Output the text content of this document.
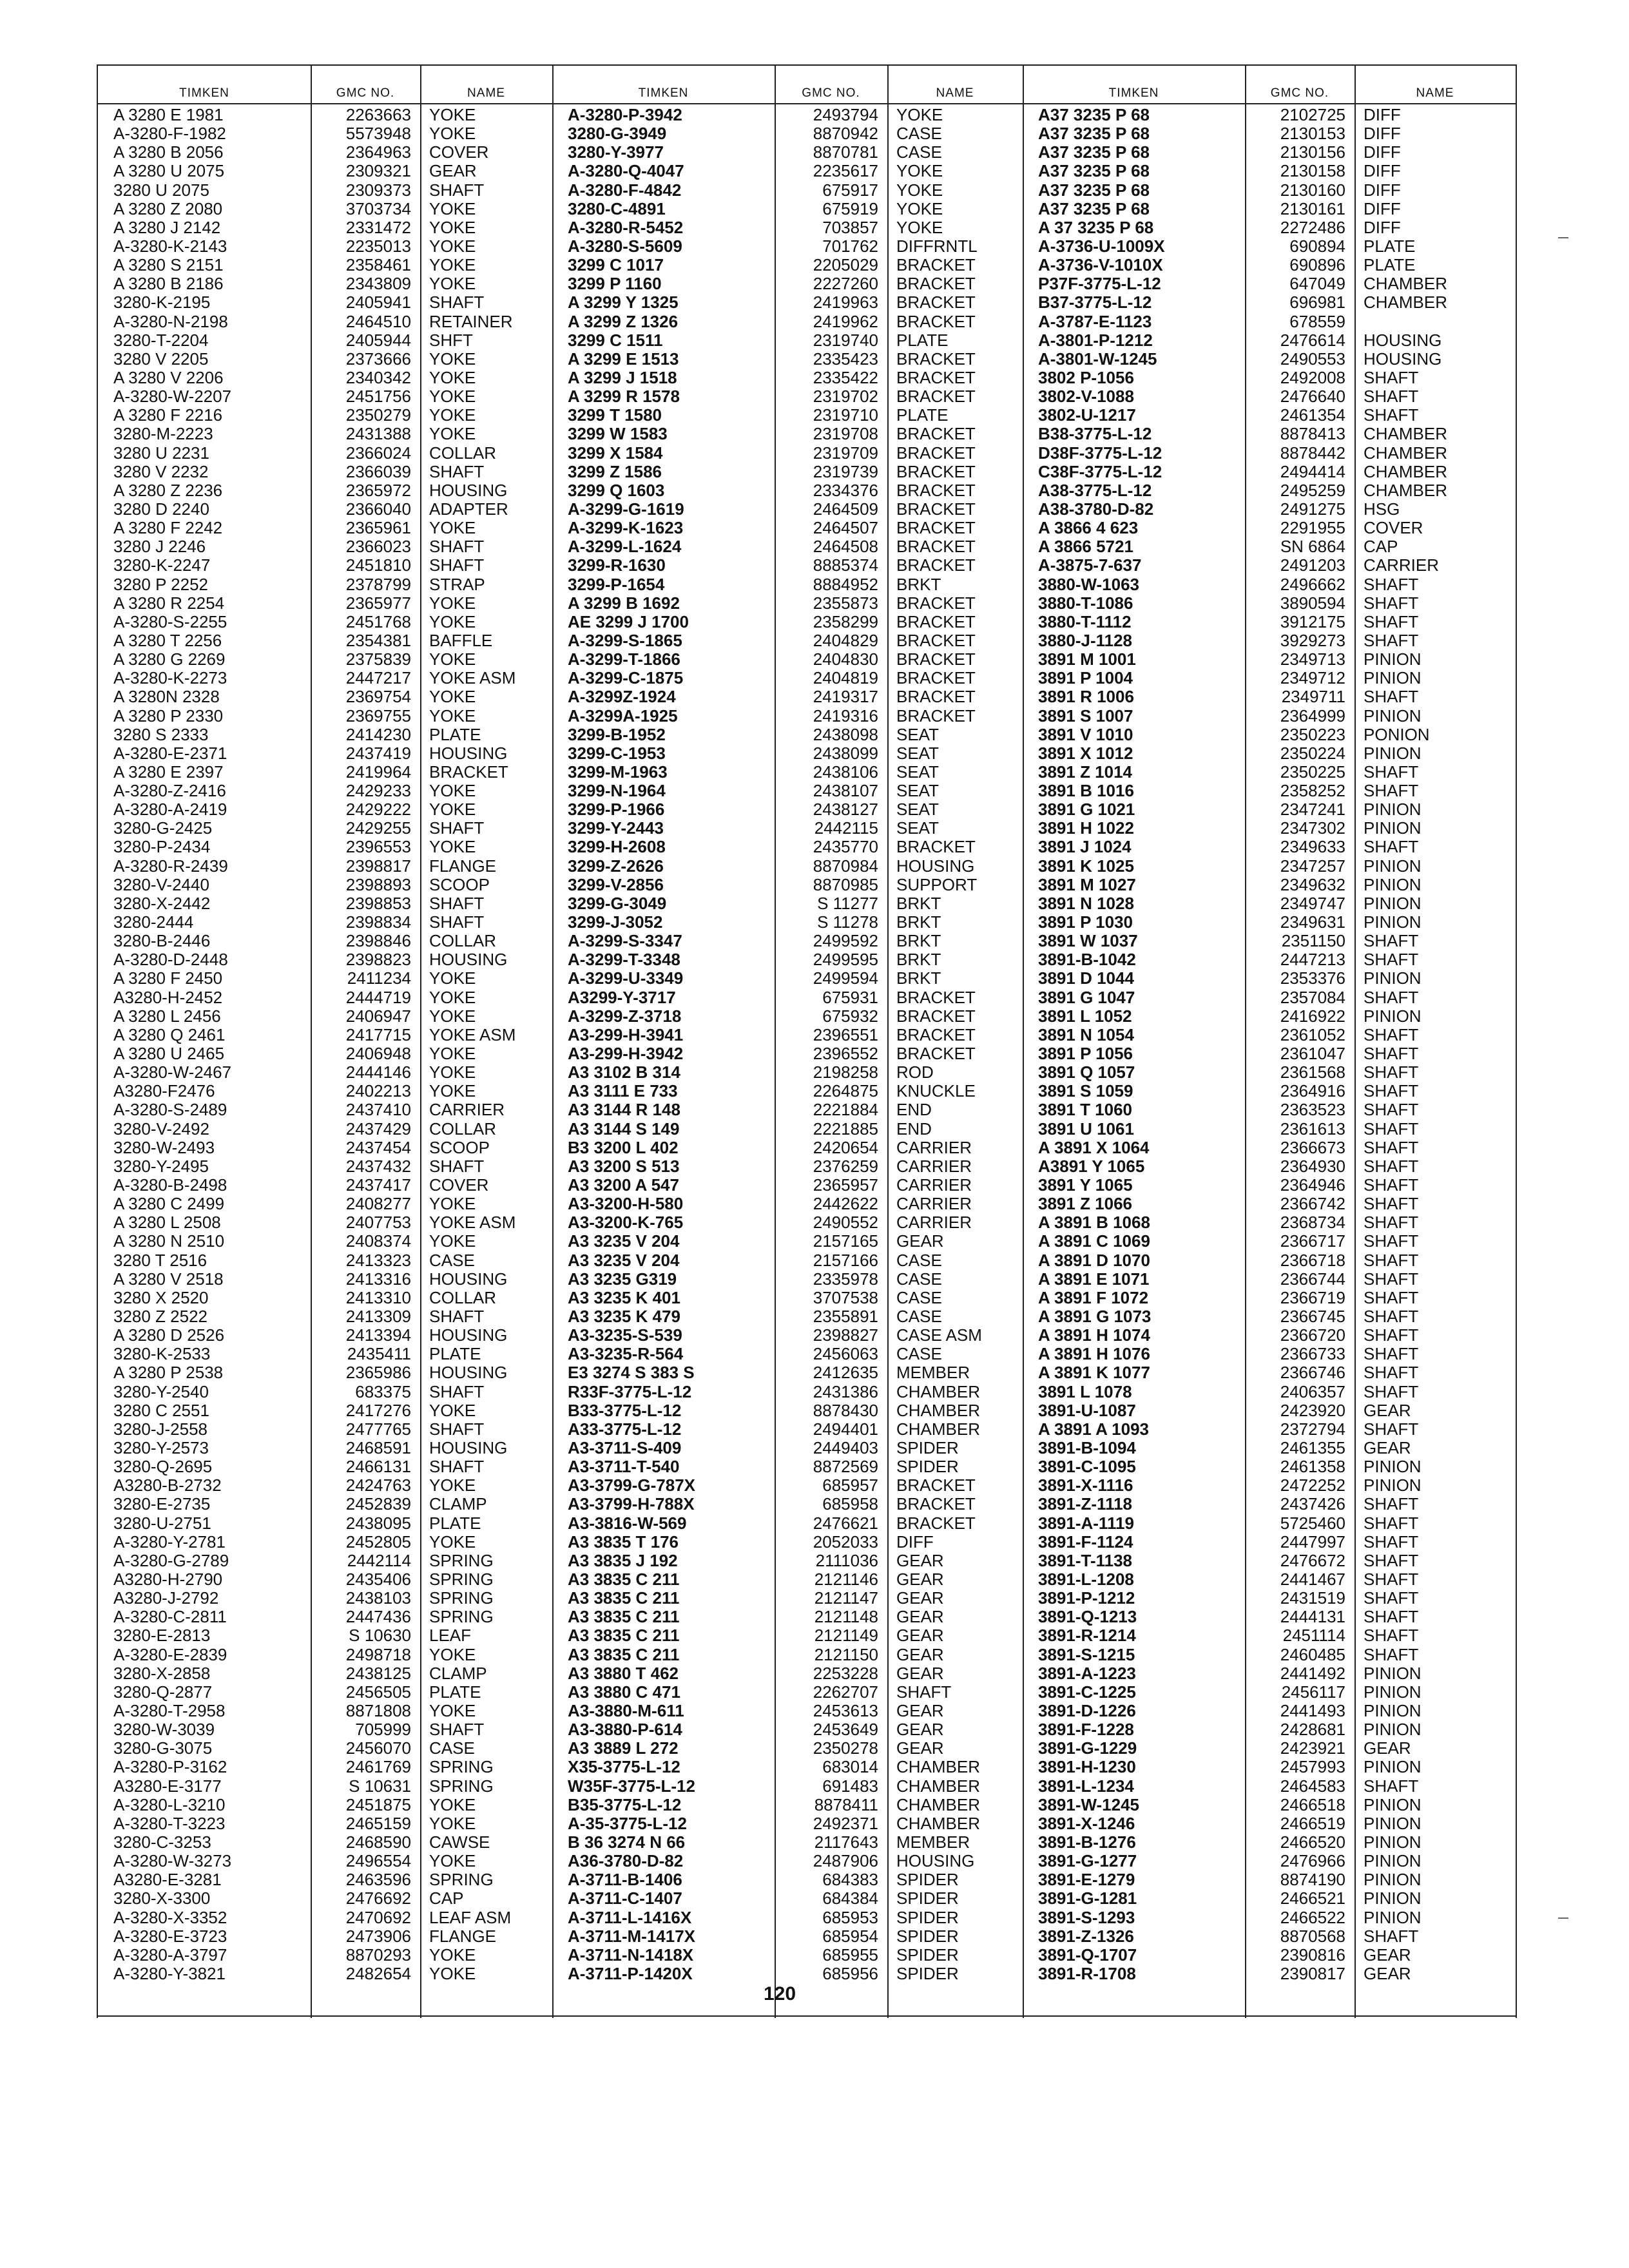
TIMKEN
A 3280 E 1981
A-3280-F-1982
A 3280 B 2056
A 3280 U 2075
3280 U 2075
A 3280 Z 2080
A 3280 J 2142
A-3280-K-2143
A 3280 S 2151
A 3280 B 2186
3280-K-2195
A-3280-N-2198
3280-T-2204
3280 V 2205
A 3280 V 2206
A-3280-W-2207
A 3280 F 2216
3280-M-2223
3280 U 2231
3280 V 2232
A 3280 Z 2236
3280 D 2240
A 3280 F 2242
3280 J 2246
3280-K-2247
3280 P 2252
A 3280 R 2254
A-3280-S-2255
A 3280 T 2256
A 3280 G 2269
A-3280-K-2273
A 3280N 2328
A 3280 P 2330
3280 S 2333
A-3280-E-2371
A 3280 E 2397
A-3280-Z-2416
A-3280-A-2419
3280-G-2425
3280-P-2434
A-3280-R-2439
3280-V-2440
3280-X-2442
3280-2444
3280-B-2446
A-3280-D-2448
A 3280 F 2450
A3280-H-2452
A 3280 L 2456
A 3280 Q 2461
A 3280 U 2465
A-3280-W-2467
A3280-F2476
A-3280-S-2489
3280-V-2492
3280-W-2493
3280-Y-2495
A-3280-B-2498
A 3280 C 2499
A 3280 L 2508
A 3280 N 2510
3280 T 2516
A 3280 V 2518
3280 X 2520
3280 Z 2522
A 3280 D 2526
3280-K-2533
A 3280 P 2538
3280-Y-2540
3280 C 2551
3280-J-2558
3280-Y-2573
3280-Q-2695
A3280-B-2732
3280-E-2735
3280-U-2751
A-3280-Y-2781
A-3280-G-2789
A3280-H-2790
A3280-J-2792
A-3280-C-2811
3280-E-2813
A-3280-E-2839
3280-X-2858
3280-Q-2877
A-3280-T-2958
3280-W-3039
3280-G-3075
A-3280-P-3162
A3280-E-3177
A-3280-L-3210
A-3280-T-3223
3280-C-3253
A-3280-W-3273
A3280-E-3281
3280-X-3300
A-3280-X-3352
A-3280-E-3723
A-3280-A-3797
A-3280-Y-3821
GMC NO.
2263663
5573948
2364963
2309321
2309373
3703734
2331472
2235013
2358461
2343809
2405941
2464510
2405944
2373666
2340342
2451756
2350279
2431388
2366024
2366039
2365972
2366040
2365961
2366023
2451810
2378799
2365977
2451768
2354381
2375839
2447217
2369754
2369755
2414230
2437419
2419964
2429233
2429222
2429255
2396553
2398817
2398893
2398853
2398834
2398846
2398823
2411234
2444719
2406947
2417715
2406948
2444146
2402213
2437410
2437429
2437454
2437432
2437417
2408277
2407753
2408374
2413323
2413316
2413310
2413309
2413394
2435411
2365986
683375
2417276
2477765
2468591
2466131
2424763
2452839
2438095
2452805
2442114
2435406
2438103
2447436
S 10630
2498718
2438125
2456505
8871808
705999
2456070
2461769
S 10631
2451875
2465159
2468590
2496554
2463596
2476692
2470692
2473906
8870293
2482654
NAME
YOKE
YOKE
COVER
GEAR
SHAFT
YOKE
YOKE
YOKE
YOKE
YOKE
SHAFT
RETAINER
SHFT
YOKE
YOKE
YOKE
YOKE
YOKE
COLLAR
SHAFT
HOUSING
ADAPTER
YOKE
SHAFT
SHAFT
STRAP
YOKE
YOKE
BAFFLE
YOKE
YOKE ASM
YOKE
YOKE
PLATE
HOUSING
BRACKET
YOKE
YOKE
SHAFT
YOKE
FLANGE
SCOOP
SHAFT
SHAFT
COLLAR
HOUSING
YOKE
YOKE
YOKE
YOKE ASM
YOKE
YOKE
YOKE
CARRIER
COLLAR
SCOOP
SHAFT
COVER
YOKE
YOKE ASM
YOKE
CASE
HOUSING
COLLAR
SHAFT
HOUSING
PLATE
HOUSING
SHAFT
YOKE
SHAFT
HOUSING
SHAFT
YOKE
CLAMP
PLATE
YOKE
SPRING
SPRING
SPRING
SPRING
LEAF
YOKE
CLAMP
PLATE
YOKE
SHAFT
CASE
SPRING
SPRING
YOKE
YOKE
CAWSE
YOKE
SPRING
CAP
LEAF ASM
FLANGE
YOKE
YOKE
TIMKEN
A-3280-P-3942
3280-G-3949
3280-Y-3977
A-3280-Q-4047
A-3280-F-4842
3280-C-4891
A-3280-R-5452
A-3280-S-5609
3299 C 1017
3299 P 1160
A 3299 Y 1325
A 3299 Z 1326
3299 C 1511
A 3299 E 1513
A 3299 J 1518
A 3299 R 1578
3299 T 1580
3299 W 1583
3299 X 1584
3299 Z 1586
3299 Q 1603
A-3299-G-1619
A-3299-K-1623
A-3299-L-1624
3299-R-1630
3299-P-1654
A 3299 B 1692
AE 3299 J 1700
A-3299-S-1865
A-3299-T-1866
A-3299-C-1875
A-3299Z-1924
A-3299A-1925
3299-B-1952
3299-C-1953
3299-M-1963
3299-N-1964
3299-P-1966
3299-Y-2443
3299-H-2608
3299-Z-2626
3299-V-2856
3299-G-3049
3299-J-3052
A-3299-S-3347
A-3299-T-3348
A-3299-U-3349
A3299-Y-3717
A-3299-Z-3718
A3-299-H-3941
A3-299-H-3942
A3 3102 B 314
A3 3111 E 733
A3 3144 R 148
A3 3144 S 149
B3 3200 L 402
A3 3200 S 513
A3 3200 A 547
A3-3200-H-580
A3-3200-K-765
A3 3235 V 204
A3 3235 V 204
A3 3235 G319
A3 3235 K 401
A3 3235 K 479
A3-3235-S-539
A3-3235-R-564
E3 3274 S 383 S
R33F-3775-L-12
B33-3775-L-12
A33-3775-L-12
A3-3711-S-409
A3-3711-T-540
A3-3799-G-787X
A3-3799-H-788X
A3-3816-W-569
A3 3835 T 176
A3 3835 J 192
A3 3835 C 211
A3 3835 C 211
A3 3835 C 211
A3 3835 C 211
A3 3835 C 211
A3 3880 T 462
A3 3880 C 471
A3-3880-M-611
A3-3880-P-614
A3 3889 L 272
X35-3775-L-12
W35F-3775-L-12
B35-3775-L-12
A-35-3775-L-12
B 36 3274 N 66
A36-3780-D-82
A-3711-B-1406
A-3711-C-1407
A-3711-L-1416X
A-3711-M-1417X
A-3711-N-1418X
A-3711-P-1420X
GMC NO.
2493794
8870942
8870781
2235617
675917
675919
703857
701762
2205029
2227260
2419963
2419962
2319740
2335423
2335422
2319702
2319710
2319708
2319709
2319739
2334376
2464509
2464507
2464508
8885374
8884952
2355873
2358299
2404829
2404830
2404819
2419317
2419316
2438098
2438099
2438106
2438107
2438127
2442115
2435770
8870984
8870985
S 11277
S 11278
2499592
2499595
2499594
675931
675932
2396551
2396552
2198258
2264875
2221884
2221885
2420654
2376259
2365957
2442622
2490552
2157165
2157166
2335978
3707538
2355891
2398827
2456063
2412635
2431386
8878430
2494401
2449403
8872569
685957
685958
2476621
2052033
2111036
2121146
2121147
2121148
2121149
2121150
2253228
2262707
2453613
2453649
2350278
683014
691483
8878411
2492371
2117643
2487906
684383
684384
685953
685954
685955
685956
NAME
YOKE
CASE
CASE
YOKE
YOKE
YOKE
YOKE
DIFFRNTL
BRACKET
BRACKET
BRACKET
BRACKET
PLATE
BRACKET
BRACKET
BRACKET
PLATE
BRACKET
BRACKET
BRACKET
BRACKET
BRACKET
BRACKET
BRACKET
BRACKET
BRKT
BRACKET
BRACKET
BRACKET
BRACKET
BRACKET
BRACKET
BRACKET
SEAT
SEAT
SEAT
SEAT
SEAT
SEAT
BRACKET
HOUSING
SUPPORT
BRKT
BRKT
BRKT
BRKT
BRKT
BRACKET
BRACKET
BRACKET
BRACKET
ROD
KNUCKLE
END
END
CARRIER
CARRIER
CARRIER
CARRIER
CARRIER
GEAR
CASE
CASE
CASE
CASE
CASE ASM
CASE
MEMBER
CHAMBER
CHAMBER
CHAMBER
SPIDER
SPIDER
BRACKET
BRACKET
BRACKET
DIFF
GEAR
GEAR
GEAR
GEAR
GEAR
GEAR
GEAR
SHAFT
GEAR
GEAR
GEAR
CHAMBER
CHAMBER
CHAMBER
CHAMBER
MEMBER
HOUSING
SPIDER
SPIDER
SPIDER
SPIDER
SPIDER
SPIDER
TIMKEN
A37 3235 P 68
A37 3235 P 68
A37 3235 P 68
A37 3235 P 68
A37 3235 P 68
A37 3235 P 68
A 37 3235 P 68
A-3736-U-1009X
A-3736-V-1010X
P37F-3775-L-12
B37-3775-L-12
A-3787-E-1123
A-3801-P-1212
A-3801-W-1245
3802 P-1056
3802-V-1088
3802-U-1217
B38-3775-L-12
D38F-3775-L-12
C38F-3775-L-12
A38-3775-L-12
A38-3780-D-82
A 3866 4 623
A 3866 5721
A-3875-7-637
3880-W-1063
3880-T-1086
3880-T-1112
3880-J-1128
3891 M 1001
3891 P 1004
3891 R 1006
3891 S 1007
3891 V 1010
3891 X 1012
3891 Z 1014
3891 B 1016
3891 G 1021
3891 H 1022
3891 J 1024
3891 K 1025
3891 M 1027
3891 N 1028
3891 P 1030
3891 W 1037
3891-B-1042
3891 D 1044
3891 G 1047
3891 L 1052
3891 N 1054
3891 P 1056
3891 Q 1057
3891 S 1059
3891 T 1060
3891 U 1061
A 3891 X 1064
A3891 Y 1065
3891 Y 1065
3891 Z 1066
A 3891 B 1068
A 3891 C 1069
A 3891 D 1070
A 3891 E 1071
A 3891 F 1072
A 3891 G 1073
A 3891 H 1074
A 3891 H 1076
A 3891 K 1077
3891 L 1078
3891-U-1087
A 3891 A 1093
3891-B-1094
3891-C-1095
3891-X-1116
3891-Z-1118
3891-A-1119
3891-F-1124
3891-T-1138
3891-L-1208
3891-P-1212
3891-Q-1213
3891-R-1214
3891-S-1215
3891-A-1223
3891-C-1225
3891-D-1226
3891-F-1228
3891-G-1229
3891-H-1230
3891-L-1234
3891-W-1245
3891-X-1246
3891-B-1276
3891-G-1277
3891-E-1279
3891-G-1281
3891-S-1293
3891-Z-1326
3891-Q-1707
3891-R-1708
GMC NO.
2102725
2130153
2130156
2130158
2130160
2130161
2272486
690894
690896
647049
696981
678559
2476614
2490553
2492008
2476640
2461354
8878413
8878442
2494414
2495259
2491275
2291955
SN 6864
2491203
2496662
3890594
3912175
3929273
2349713
2349712
2349711
2364999
2350223
2350224
2350225
2358252
2347241
2347302
2349633
2347257
2349632
2349747
2349631
2351150
2447213
2353376
2357084
2416922
2361052
2361047
2361568
2364916
2363523
2361613
2366673
2364930
2364946
2366742
2368734
2366717
2366718
2366744
2366719
2366745
2366720
2366733
2366746
2406357
2423920
2372794
2461355
2461358
2472252
2437426
5725460
2447997
2476672
2441467
2431519
2444131
2451114
2460485
2441492
2456117
2441493
2428681
2423921
2457993
2464583
2466518
2466519
2466520
2476966
8874190
2466521
2466522
8870568
2390816
2390817
NAME
DIFF
DIFF
DIFF
DIFF
DIFF
DIFF
DIFF
PLATE
PLATE
CHAMBER
CHAMBER
HOUSING
HOUSING
SHAFT
SHAFT
SHAFT
CHAMBER
CHAMBER
CHAMBER
CHAMBER
HSG
COVER
CAP
CARRIER
SHAFT
SHAFT
SHAFT
SHAFT
PINION
PINION
SHAFT
PINION
PONION
PINION
SHAFT
SHAFT
PINION
PINION
SHAFT
PINION
PINION
PINION
PINION
SHAFT
SHAFT
PINION
SHAFT
PINION
SHAFT
SHAFT
SHAFT
SHAFT
SHAFT
SHAFT
SHAFT
SHAFT
SHAFT
SHAFT
SHAFT
SHAFT
SHAFT
SHAFT
SHAFT
SHAFT
SHAFT
SHAFT
SHAFT
SHAFT
GEAR
SHAFT
GEAR
PINION
PINION
SHAFT
SHAFT
SHAFT
SHAFT
SHAFT
SHAFT
SHAFT
SHAFT
SHAFT
PINION
PINION
PINION
PINION
GEAR
PINION
SHAFT
PINION
PINION
PINION
PINION
PINION
PINION
PINION
SHAFT
GEAR
GEAR
120
